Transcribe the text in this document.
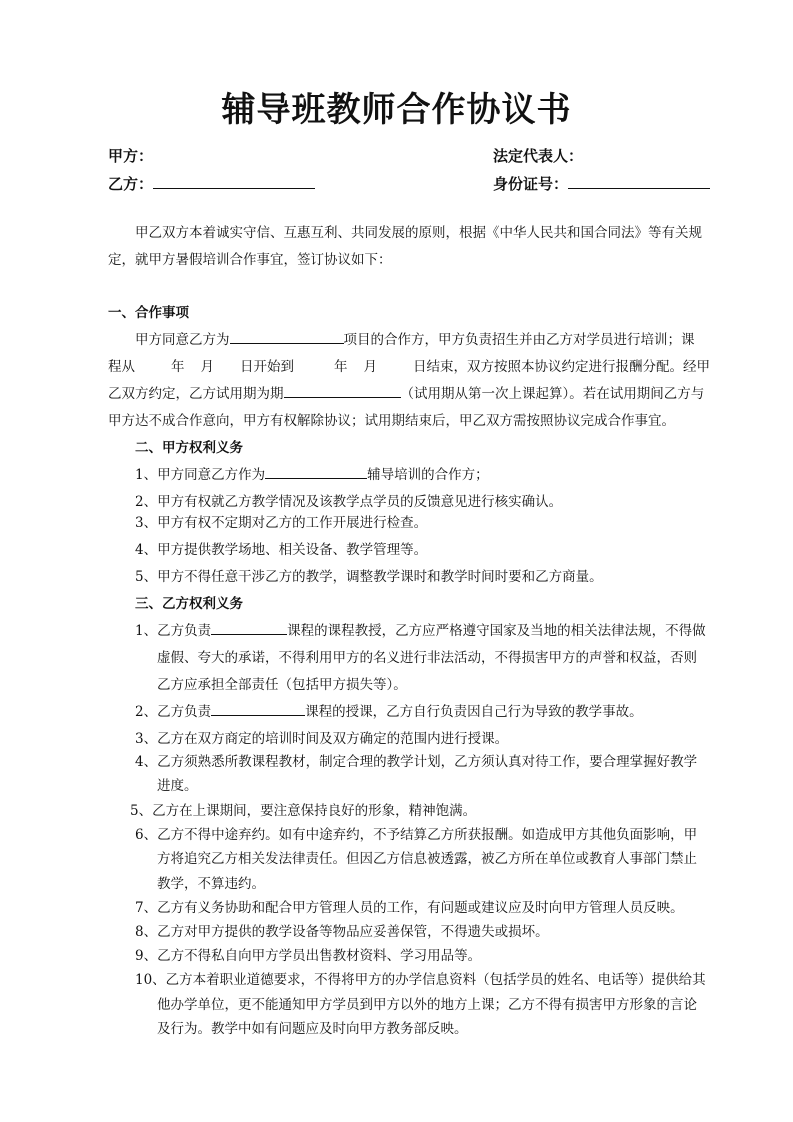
辅导班教师合作协议书
甲方：	法定代表人：
乙方：	身份证号：
甲乙双方本着诚实守信、互惠互利、共同发展的原则，根据《中华人民共和国合同法》等有关规
定，就甲方暑假培训合作事宜，签订协议如下：
一、合作事项
甲方同意乙方为	项目的合作方，甲方负责招生并由乙方对学员进行培训；课
程从	年 月 日开始到	年 月	日结束，双方按照本协议约定进行报酬分配。经甲
乙双方约定，乙方试用期为期	（试用期从第一次上课起算）。若在试用期间乙方与
甲方达不成合作意向，甲方有权解除协议；试用期结束后，甲乙双方需按照协议完成合作事宜。
二、甲方权利义务
1、甲方同意乙方作为	辅导培训的合作方；
2、甲方有权就乙方教学情况及该教学点学员的反馈意见进行核实确认。
3、甲方有权不定期对乙方的工作开展进行检查。
4、甲方提供教学场地、相关设备、教学管理等。
5、甲方不得任意干涉乙方的教学，调整教学课时和教学时间时要和乙方商量。
三、乙方权利义务
1、乙方负责	课程的课程教授，乙方应严格遵守国家及当地的相关法律法规，不得做
虚假、夸大的承诺，不得利用甲方的名义进行非法活动，不得损害甲方的声誉和权益，否则
乙方应承担全部责任（包括甲方损失等）。
2、乙方负责	课程的授课，乙方自行负责因自己行为导致的教学事故。
3、乙方在双方商定的培训时间及双方确定的范围内进行授课。
4、乙方须熟悉所教课程教材，制定合理的教学计划，乙方须认真对待工作，要合理掌握好教学
进度。
5、乙方在上课期间，要注意保持良好的形象，精神饱满。
6、乙方不得中途弃约。如有中途弃约，不予结算乙方所获报酬。如造成甲方其他负面影响，甲
方将追究乙方相关发法律责任。但因乙方信息被透露，被乙方所在单位或教育人事部门禁止
教学，不算违约。
7、乙方有义务协助和配合甲方管理人员的工作，有问题或建议应及时向甲方管理人员反映。
8、乙方对甲方提供的教学设备等物品应妥善保管，不得遗失或损坏。
9、乙方不得私自向甲方学员出售教材资料、学习用品等。
10、乙方本着职业道德要求，不得将甲方的办学信息资料（包括学员的姓名、电话等）提供给其
他办学单位，更不能通知甲方学员到甲方以外的地方上课；乙方不得有损害甲方形象的言论
及行为。教学中如有问题应及时向甲方教务部反映。
